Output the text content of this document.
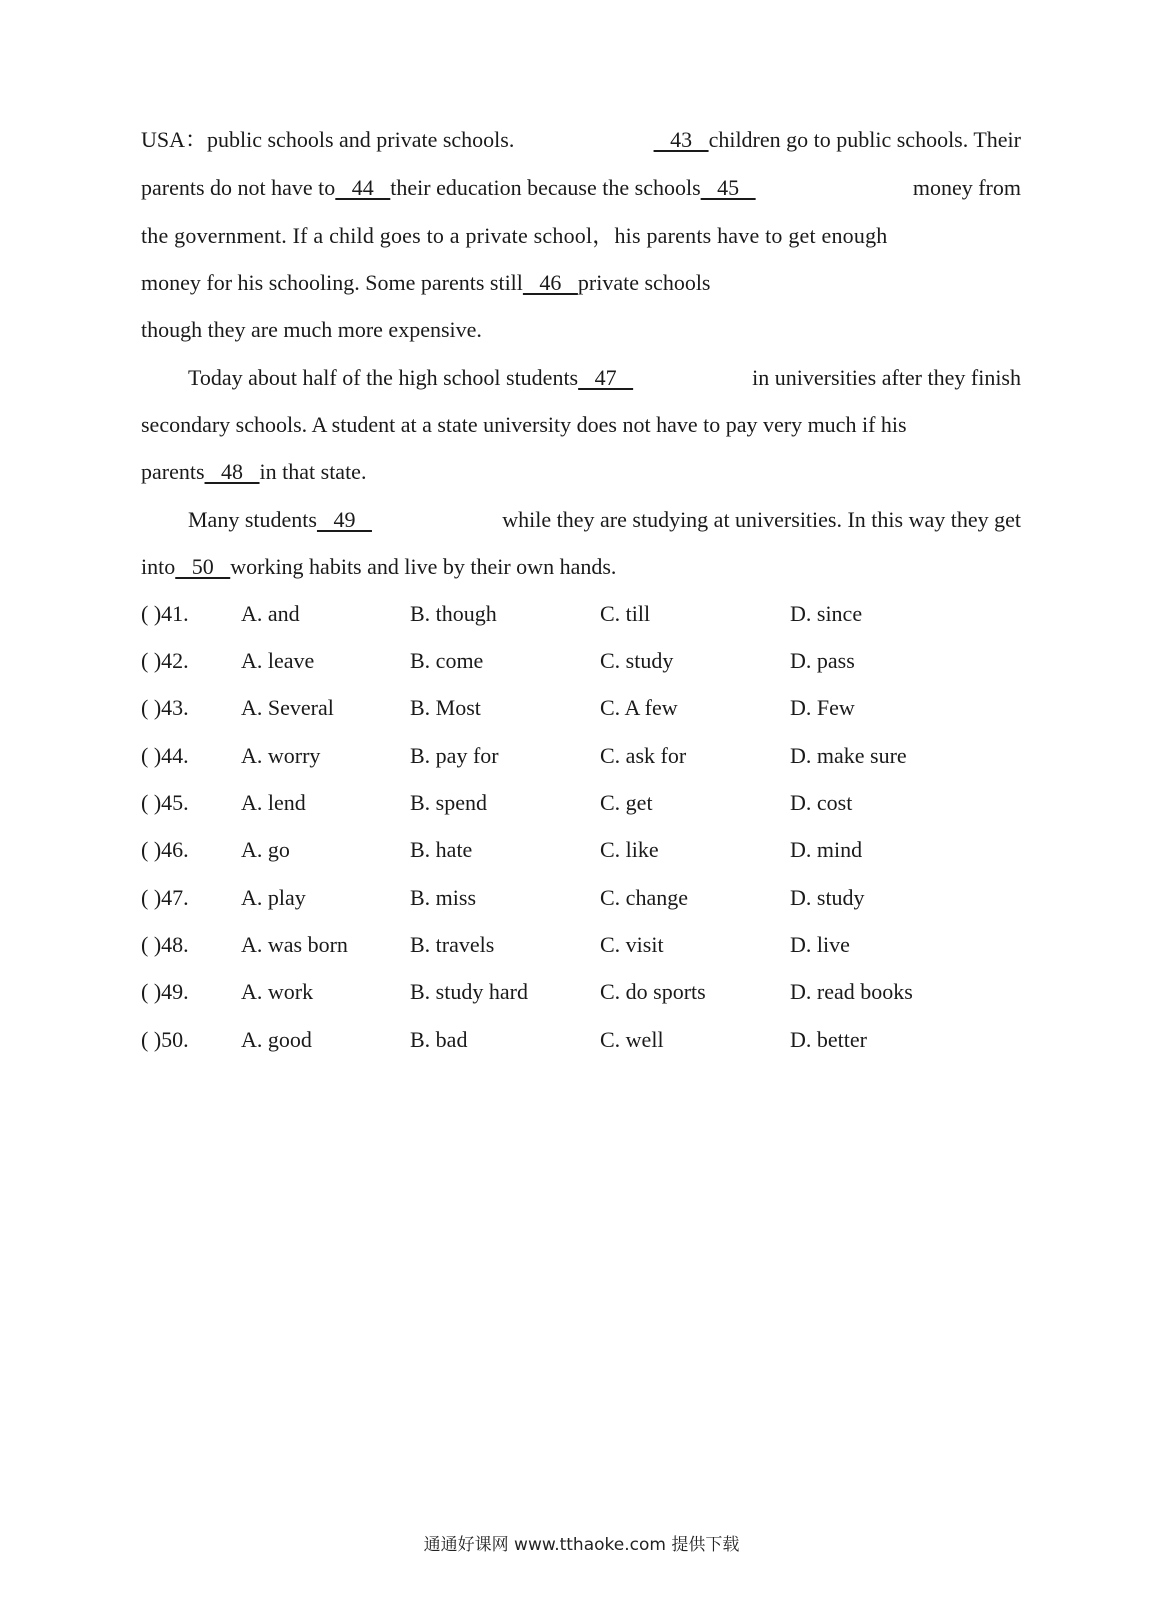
USA：public schools and private schools.	43   children go to public schools. Their
parents do not have to   44   their education because the schools   45	money from
the government. If a child goes to a private school，his parents have to get enough
money for his schooling. Some parents still   46   private schools
though they are much more expensive.
Today about half of the high school students   47	in universities after they finish
secondary schools. A student at a state university does not have to pay very much if his
parents   48   in that state.
Many students   49	while they are studying at universities. In this way they get
into   50   working habits and live by their own hands.
( )41. A. and	B. though	C. till	D. since
( )42. A. leave	B. come	C. study	D. pass
( )43. A. Several	B. Most	C. A few	D. Few
( )44. A. worry	B. pay for	C. ask for	D. make sure
( )45. A. lend	B. spend	C. get	D. cost
( )46. A. go	B. hate	C. like	D. mind
( )47. A. play	B. miss	C. change	D. study
( )48. A. was born	B. travels	C. visit	D. live
( )49. A. work	B. study hard	C. do sports	D. read books
( )50. A. good	B. bad	C. well	D. better
通通好课网 www.tthaoke.com 提供下载
